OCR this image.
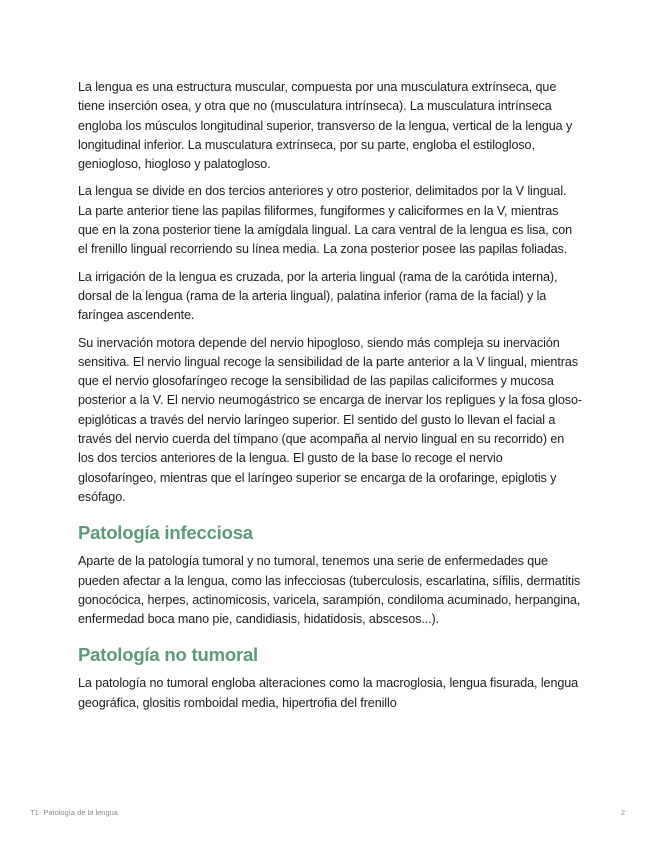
La lengua es una estructura muscular, compuesta por una musculatura extrínseca, que tiene inserción osea, y otra que no (musculatura intrínseca). La musculatura intrínseca engloba los músculos longitudinal superior, transverso de la lengua, vertical de la lengua y longitudinal inferior. La musculatura extrínseca, por su parte, engloba el estilogloso, geniogloso, hiogloso y palatogloso.

La lengua se divide en dos tercios anteriores y otro posterior, delimitados por la V lingual. La parte anterior tiene las papilas filiformes, fungiformes y caliciformes en la V, mientras que en la zona posterior tiene la amígdala lingual. La cara ventral de la lengua es lisa, con el frenillo lingual recorriendo su línea media. La zona posterior posee las papilas foliadas.

La irrigación de la lengua es cruzada, por la arteria lingual (rama de la carótida interna), dorsal de la lengua (rama de la arteria lingual), palatina inferior (rama de la facial) y la faríngea ascendente.

Su inervación motora depende del nervio hipogloso, siendo más compleja su inervación sensitiva. El nervio lingual recoge la sensibilidad de la parte anterior a la V lingual, mientras que el nervio glosofaríngeo recoge la sensibilidad de las papilas caliciformes y mucosa posterior a la V. El nervio neumogástrico se encarga de inervar los repligues y la fosa gloso-epiglóticas a través del nervio laríngeo superior. El sentido del gusto lo llevan el facial a través del nervio cuerda del tímpano (que acompaña al nervio lingual en su recorrido) en los dos tercios anteriores de la lengua. El gusto de la base lo recoge el nervio glosofaríngeo, mientras que el laríngeo superior se encarga de la orofaringe, epiglotis y esófago.

Patología infecciosa

Aparte de la patología tumoral y no tumoral, tenemos una serie de enfermedades que pueden afectar a la lengua, como las infecciosas (tuberculosis, escarlatina, sífilis, dermatitis gonocócica, herpes, actinomicosis, varicela, sarampión, condiloma acuminado, herpangina, enfermedad boca mano pie, candidiasis, hidatidosis, abscesos...).

Patología no tumoral

La patología no tumoral engloba alteraciones como la macroglosia, lengua fisurada, lengua geográfica, glositis romboidal media, hipertrofia del frenillo

T1· Patología de la lengua	2
